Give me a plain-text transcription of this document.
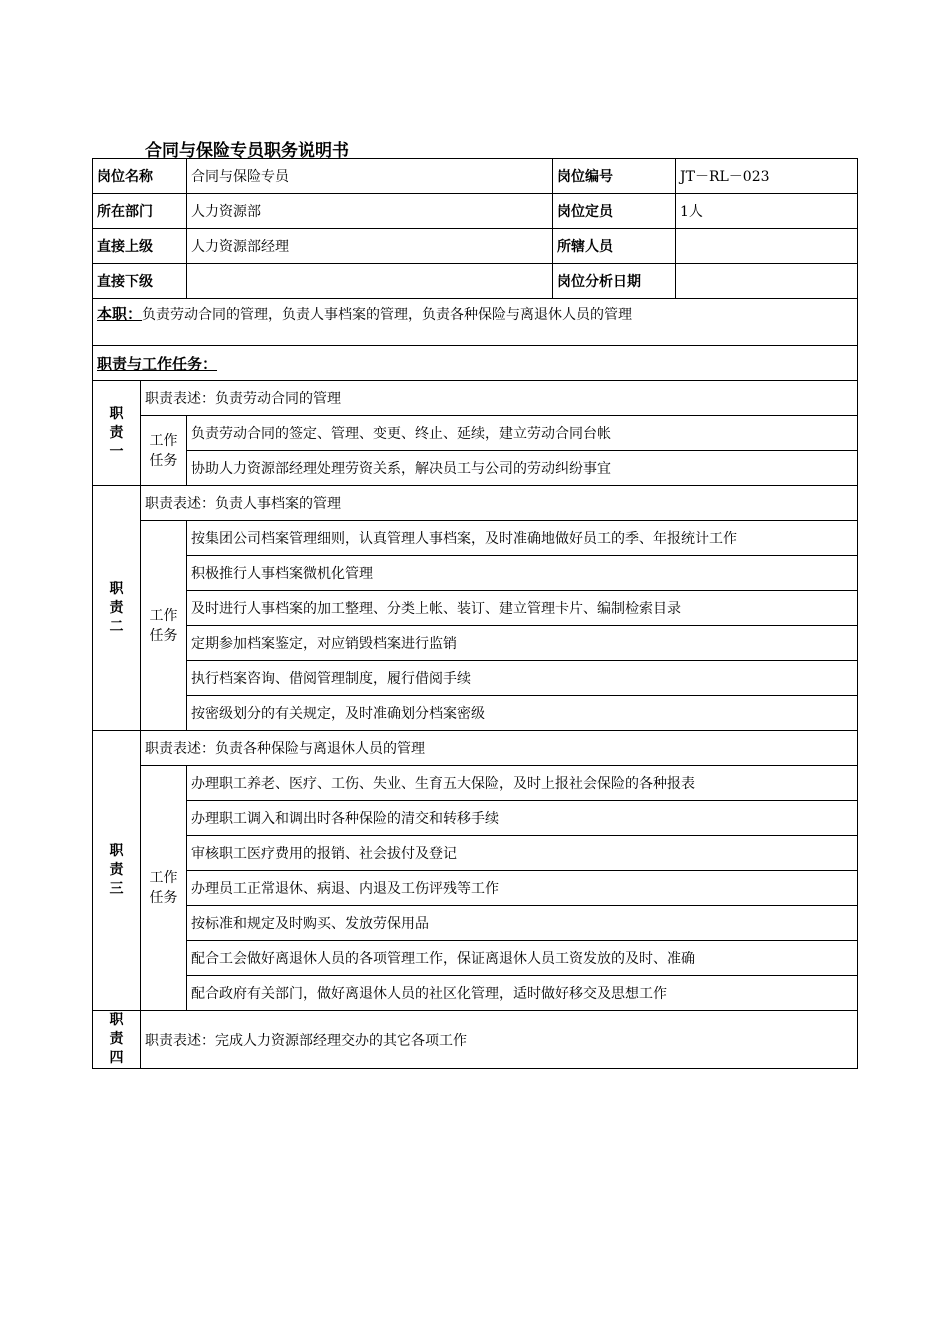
合同与保险专员职务说明书
岗位名称		合同与保险专员	岗位编号	JT－RL－023
所在部门		人力资源部	岗位定员	1人
直接上级		人力资源部经理	所辖人员	
直接下级			岗位分析日期	
本职：负责劳动合同的管理，负责人事档案的管理，负责各种保险与离退休人员的管理				
职责与工作任务：				
职责一	职责表述：负责劳动合同的管理			
	工作任务	负责劳动合同的签定、管理、变更、终止、延续，建立劳动合同台帐		
		协助人力资源部经理处理劳资关系，解决员工与公司的劳动纠纷事宜		
职责二	职责表述：负责人事档案的管理			
	工作任务	按集团公司档案管理细则，认真管理人事档案，及时准确地做好员工的季、年报统计工作		
		积极推行人事档案微机化管理		
		及时进行人事档案的加工整理、分类上帐、装订、建立管理卡片、编制检索目录		
		定期参加档案鉴定，对应销毁档案进行监销		
		执行档案咨询、借阅管理制度，履行借阅手续		
		按密级划分的有关规定，及时准确划分档案密级		
职责三	职责表述：负责各种保险与离退休人员的管理			
	工作任务	办理职工养老、医疗、工伤、失业、生育五大保险，及时上报社会保险的各种报表		
		办理职工调入和调出时各种保险的清交和转移手续		
		审核职工医疗费用的报销、社会拔付及登记		
		办理员工正常退休、病退、内退及工伤评残等工作		
		按标准和规定及时购买、发放劳保用品		
		配合工会做好离退休人员的各项管理工作，保证离退休人员工资发放的及时、准确		
		配合政府有关部门，做好离退休人员的社区化管理，适时做好移交及思想工作		
职责四	职责表述：完成人力资源部经理交办的其它各项工作			
